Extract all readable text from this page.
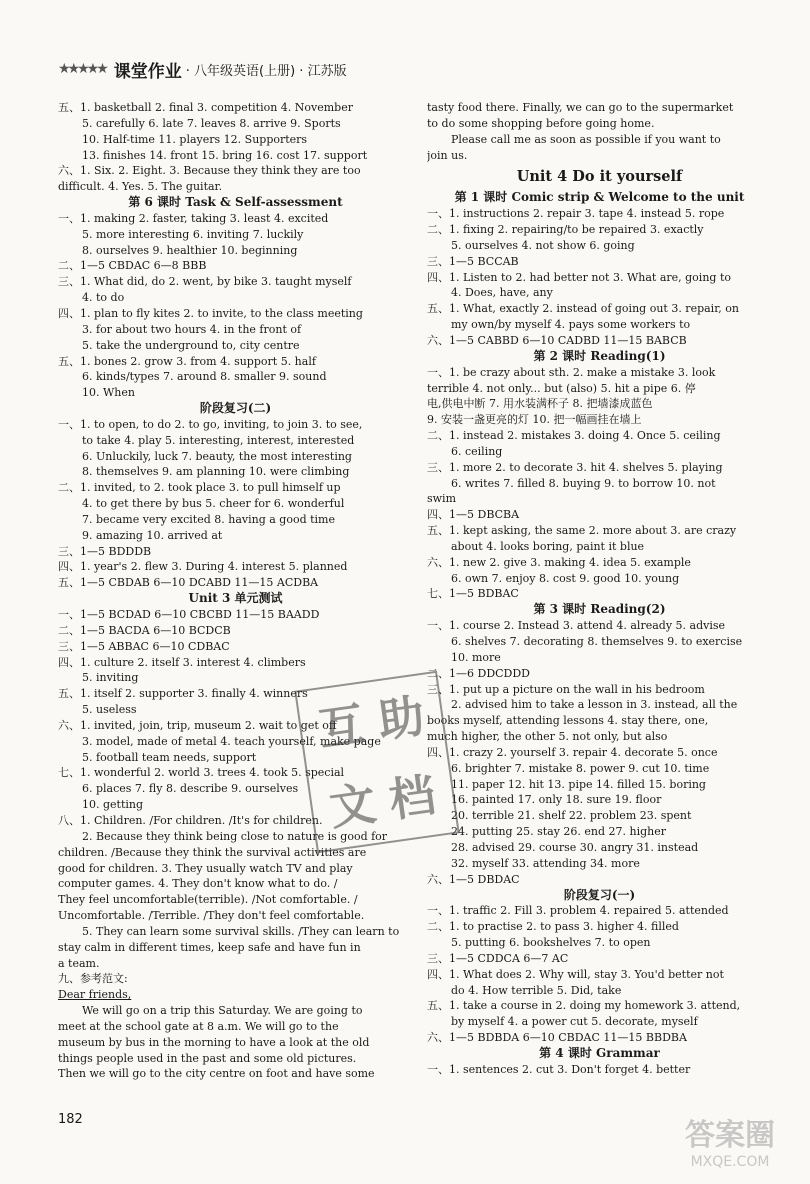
★★★★★ 课堂作业 · 八年级英语(上册) · 江苏版
五、1. basketball 2. final 3. competition 4. November
5. carefully 6. late 7. leaves 8. arrive 9. Sports
10. Half-time 11. players 12. Supporters
13. finishes 14. front 15. bring 16. cost 17. support
六、1. Six. 2. Eight. 3. Because they think they are too
difficult. 4. Yes. 5. The guitar.
第 6 课时 Task & Self-assessment
一、1. making 2. faster, taking 3. least 4. excited
5. more interesting 6. inviting 7. luckily
8. ourselves 9. healthier 10. beginning
二、1—5 CBDAC 6—8 BBB
三、1. What did, do 2. went, by bike 3. taught myself
4. to do
四、1. plan to fly kites 2. to invite, to the class meeting
3. for about two hours 4. in the front of
5. take the underground to, city centre
五、1. bones 2. grow 3. from 4. support 5. half
6. kinds/types 7. around 8. smaller 9. sound
10. When
阶段复习(二)
一、1. to open, to do 2. to go, inviting, to join 3. to see,
to take 4. play 5. interesting, interest, interested
6. Unluckily, luck 7. beauty, the most interesting
8. themselves 9. am planning 10. were climbing
二、1. invited, to 2. took place 3. to pull himself up
4. to get there by bus 5. cheer for 6. wonderful
7. became very excited 8. having a good time
9. amazing 10. arrived at
三、1—5 BDDDB
四、1. year's 2. flew 3. During 4. interest 5. planned
五、1—5 CBDAB 6—10 DCABD 11—15 ACDBA
Unit 3 单元测试
一、1—5 BCDAD 6—10 CBCBD 11—15 BAADD
二、1—5 BACDA 6—10 BCDCB
三、1—5 ABBAC 6—10 CDBAC
四、1. culture 2. itself 3. interest 4. climbers
5. inviting
五、1. itself 2. supporter 3. finally 4. winners
5. useless
六、1. invited, join, trip, museum 2. wait to get off
3. model, made of metal 4. teach yourself, make page
5. football team needs, support
七、1. wonderful 2. world 3. trees 4. took 5. special
6. places 7. fly 8. describe 9. ourselves
10. getting
八、1. Children. /For children. /It's for children.
2. Because they think being close to nature is good for
children. /Because they think the survival activities are
good for children. 3. They usually watch TV and play
computer games. 4. They don't know what to do. /
They feel uncomfortable(terrible). /Not comfortable. /
Uncomfortable. /Terrible. /They don't feel comfortable.
5. They can learn some survival skills. /They can learn to
stay calm in different times, keep safe and have fun in
a team.
九、参考范文:
Dear friends,
We will go on a trip this Saturday. We are going to
meet at the school gate at 8 a.m. We will go to the
museum by bus in the morning to have a look at the old
things people used in the past and some old pictures.
Then we will go to the city centre on foot and have some
tasty food there. Finally, we can go to the supermarket
to do some shopping before going home.
Please call me as soon as possible if you want to
join us.
Unit 4 Do it yourself
第 1 课时 Comic strip & Welcome to the unit
一、1. instructions 2. repair 3. tape 4. instead 5. rope
二、1. fixing 2. repairing/to be repaired 3. exactly
5. ourselves 4. not show 6. going
三、1—5 BCCAB
四、1. Listen to 2. had better not 3. What are, going to
4. Does, have, any
五、1. What, exactly 2. instead of going out 3. repair, on
my own/by myself 4. pays some workers to
六、1—5 CABBD 6—10 CADBD 11—15 BABCB
第 2 课时 Reading(1)
一、1. be crazy about sth. 2. make a mistake 3. look
terrible 4. not only... but (also) 5. hit a pipe 6. 停
电,供电中断 7. 用水装满杯子 8. 把墙漆成蓝色
9. 安装一盏更亮的灯 10. 把一幅画挂在墙上
二、1. instead 2. mistakes 3. doing 4. Once 5. ceiling
6. ceiling
三、1. more 2. to decorate 3. hit 4. shelves 5. playing
6. writes 7. filled 8. buying 9. to borrow 10. not
swim
四、1—5 DBCBA
五、1. kept asking, the same 2. more about 3. are crazy
about 4. looks boring, paint it blue
六、1. new 2. give 3. making 4. idea 5. example
6. own 7. enjoy 8. cost 9. good 10. young
七、1—5 BDBAC
第 3 课时 Reading(2)
一、1. course 2. Instead 3. attend 4. already 5. advise
6. shelves 7. decorating 8. themselves 9. to exercise
10. more
二、1—6 DDCDDD
三、1. put up a picture on the wall in his bedroom
2. advised him to take a lesson in 3. instead, all the
books myself, attending lessons 4. stay there, one,
much higher, the other 5. not only, but also
四、1. crazy 2. yourself 3. repair 4. decorate 5. once
6. brighter 7. mistake 8. power 9. cut 10. time
11. paper 12. hit 13. pipe 14. filled 15. boring
16. painted 17. only 18. sure 19. floor
20. terrible 21. shelf 22. problem 23. spent
24. putting 25. stay 26. end 27. higher
28. advised 29. course 30. angry 31. instead
32. myself 33. attending 34. more
六、1—5 DBDAC
阶段复习(一)
一、1. traffic 2. Fill 3. problem 4. repaired 5. attended
二、1. to practise 2. to pass 3. higher 4. filled
5. putting 6. bookshelves 7. to open
三、1—5 CDDCA 6—7 AC
四、1. What does 2. Why will, stay 3. You'd better not
do 4. How terrible 5. Did, take
五、1. take a course in 2. doing my homework 3. attend,
by myself 4. a power cut 5. decorate, myself
六、1—5 BDBDA 6—10 CBDAC 11—15 BBDBA
第 4 课时 Grammar
一、1. sentences 2. cut 3. Don't forget 4. better
互 助
文 档
182	答案圈
MXQE.COM
